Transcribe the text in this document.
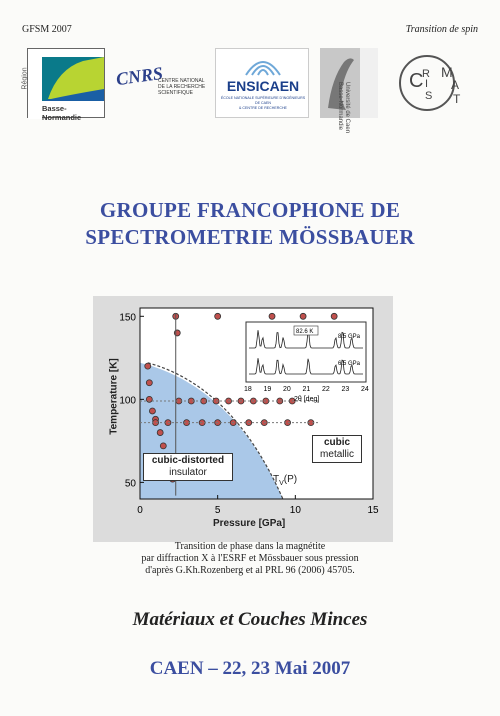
GFSM 2007	Transition de spin
Région
Basse-Normandie
CNRS
CENTRE NATIONAL
DE LA RECHERCHE
SCIENTIFIQUE	ENSICAEN
ÉCOLE NATIONALE SUPÉRIEURE D'INGÉNIEURS DE CAEN
& CENTRE DE RECHERCHE	Université de Caen
Basse-Normandie
C
R
I
S
M
A
T
GROUPE FRANCOPHONE DE
SPECTROMETRIE MÖSSBAUER
0	5	10	15
50
100
150
82.6 K
8.5 GPa
6.5 GPa
18 19 20 21 22 23 24
2θ [deg]
Temperature [K]
Pressure [GPa]
cubic-distorted
insulator
cubic
metallic
$T_V(P)$
Transition de phase dans la magnétite
par diffraction X à l'ESRF et Mössbauer sous pression
d'après G.Kh.Rozenberg et al PRL 96 (2006) 45705.
Matériaux et Couches Minces
CAEN – 22, 23 Mai 2007
